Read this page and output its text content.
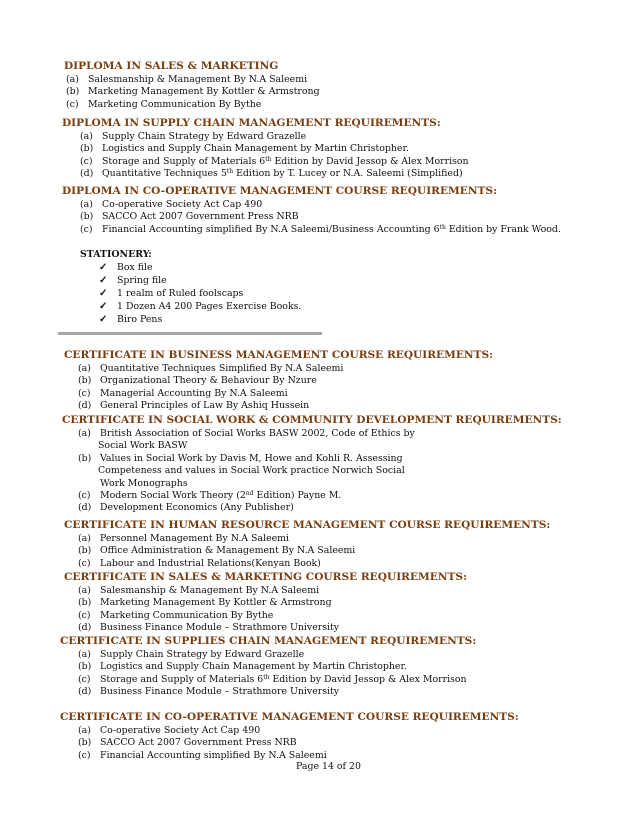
DIPLOMA IN SALES & MARKETING
(a) Salesmanship & Management By N.A Saleemi
(b) Marketing Management By Kottler & Armstrong
(c)	Marketing Communication By Bythe
DIPLOMA IN SUPPLY CHAIN MANAGEMENT REQUIREMENTS:
(a) Supply Chain Strategy by Edward Grazelle
(b) Logistics and Supply Chain Management by Martin Christopher.
(c)	Storage and Supply of Materials 6th Edition by David Jessop & Alex Morrison
(d) Quantitative Techniques 5th Edition by T. Lucey or N.A. Saleemi (Simplified)
DIPLOMA IN CO-OPERATIVE MANAGEMENT COURSE REQUIREMENTS:
(a) Co-operative Society Act Cap 490
(b) SACCO Act 2007 Government Press NRB
(c)	Financial Accounting simplified By N.A Saleemi/Business Accounting 6th Edition by Frank Wood.
STATIONERY:
✓	Box file
✓	Spring file
✓	1 realm of Ruled foolscaps
✓	1 Dozen A4 200 Pages Exercise Books.
✓	Biro Pens
CERTIFICATE IN BUSINESS MANAGEMENT COURSE REQUIREMENTS:
(a) Quantitative Techniques Simplified By N.A Saleemi
(b) Organizational Theory & Behaviour By Nzure
(c)	Managerial Accounting By N.A Saleemi
(d) General Principles of Law By Ashiq Hussein
CERTIFICATE IN SOCIAL WORK & COMMUNITY DEVELOPMENT REQUIREMENTS:
(a) British Association of Social Works BASW 2002, Code of Ethics by
Social Work BASW
(b) Values in Social Work by Davis M, Howe and Kohli R. Assessing
Competeness and values in Social Work practice Norwich Social
Work Monographs
(c)	Modern Social Work Theory (2nd Edition) Payne M.
(d) Development Economics (Any Publisher)
CERTIFICATE IN HUMAN RESOURCE MANAGEMENT COURSE REQUIREMENTS:
(a) Personnel Management By N.A Saleemi
(b) Office Administration & Management By N.A Saleemi
(c)	Labour and Industrial Relations(Kenyan Book)
CERTIFICATE IN SALES & MARKETING COURSE REQUIREMENTS:
(a) Salesmanship & Management By N.A Saleemi
(b) Marketing Management By Kottler & Armstrong
(c)	Marketing Communication By Bythe
(d) Business Finance Module – Strathmore University
CERTIFICATE IN SUPPLIES CHAIN MANAGEMENT REQUIREMENTS:
(a) Supply Chain Strategy by Edward Grazelle
(b) Logistics and Supply Chain Management by Martin Christopher.
(c)	Storage and Supply of Materials 6th Edition by David Jessop & Alex Morrison
(d) Business Finance Module – Strathmore University
CERTIFICATE IN CO-OPERATIVE MANAGEMENT COURSE REQUIREMENTS:
(a) Co-operative Society Act Cap 490
(b) SACCO Act 2007 Government Press NRB
(c)	Financial Accounting simplified By N.A Saleemi
Page 14 of 20
